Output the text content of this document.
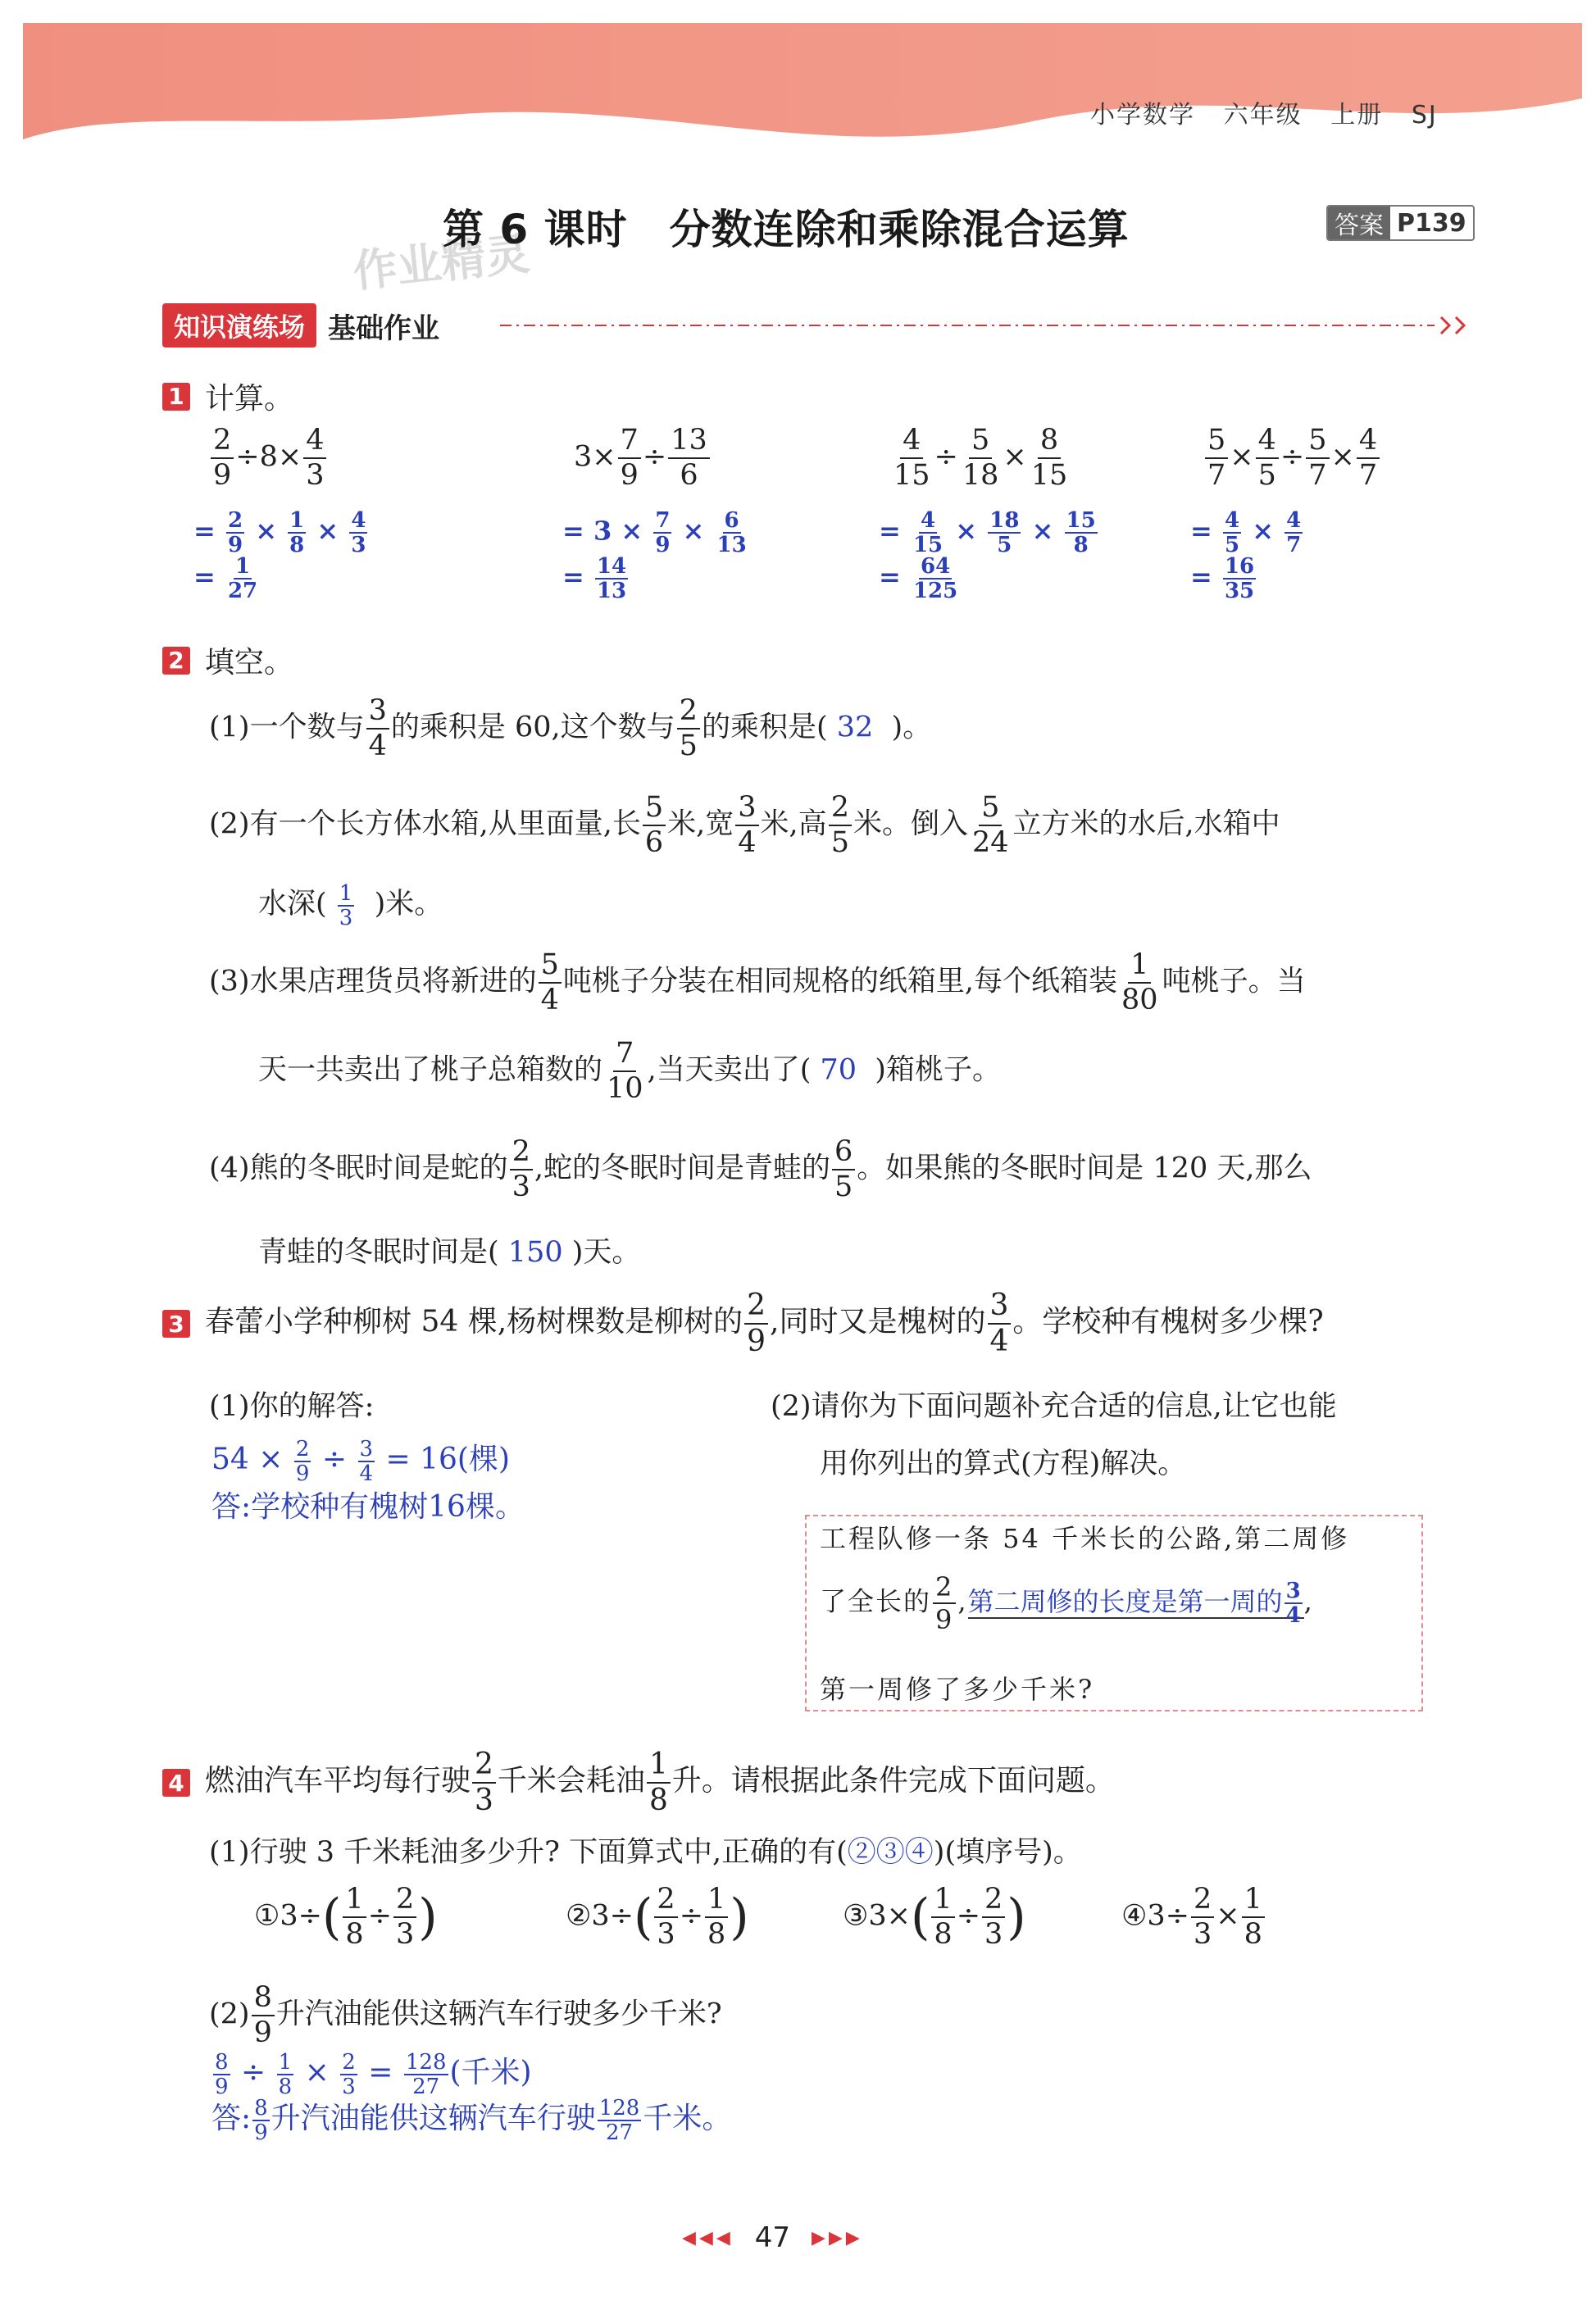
小学数学 六年级 上册 SJ
作业精灵
第 6 课时　分数连除和乘除混合运算	答案 P139
知识演练场 基础作业
1 计算。
$\frac{2}{9} \div 8\times \frac{4}{3}$
= $\frac{2}{9} \times \frac{1}{8} \times \frac{4}{3}$
= $\frac{1}{27}$
$3\times \frac{7}{9} \div \frac{13}{6}$
= $3 \times \frac{7}{9} \times \frac{6}{13}$
= $\frac{14}{13}$
$\frac{4}{15} \div \frac{5}{18} \times \frac{8}{15}$
= $\frac{4}{15} \times \frac{18}{5} \times \frac{15}{8}$
= $\frac{64}{125}$
$\frac{5}{7} \times \frac{4}{5} \div \frac{5}{7} \times \frac{4}{7}$
= $\frac{4}{5} \times \frac{4}{7}$
= $\frac{16}{35}$
2 填空。
(1)一个数与 $\frac{3}{4}$ 的乘积是 60,这个数与 $\frac{2}{5}$ 的乘积是( 32 )。
(2)有一个长方体水箱,从里面量,长 $\frac{5}{6}$ 米,宽 $\frac{3}{4}$ 米,高 $\frac{2}{5}$ 米。倒入 $\frac{5}{24}$ 立方米的水后,水箱中
水深( $\frac{1}{3}$ )米。
(3)水果店理货员将新进的 $\frac{5}{4}$ 吨桃子分装在相同规格的纸箱里,每个纸箱装 $\frac{1}{80}$ 吨桃子。当
天一共卖出了桃子总箱数的 $\frac{7}{10}$ ,当天卖出了( 70 )箱桃子。
(4)熊的冬眠时间是蛇的 $\frac{2}{3}$ ,蛇的冬眠时间是青蛙的 $\frac{6}{5}$ 。如果熊的冬眠时间是 120 天,那么
青蛙的冬眠时间是( 150 )天。
3 春蕾小学种柳树 54 棵,杨树棵数是柳树的 $\frac{2}{9}$ ,同时又是槐树的 $\frac{3}{4}$ 。学校种有槐树多少棵?
(1)你的解答:
$54 \times \frac{2}{9} \div \frac{3}{4} = 16$(棵)
答:学校种有槐树16棵。
(2)请你为下面问题补充合适的信息,让它也能
用你列出的算式(方程)解决。
工程队修一条 54 千米长的公路,第二周修
了全长的 $\frac{2}{9}$ ,第二周修的长度是第一周的 $\frac{3}{4}$ ,
第一周修了多少千米?
4 燃油汽车平均每行驶 $\frac{2}{3}$ 千米会耗油 $\frac{1}{8}$ 升。请根据此条件完成下面问题。
(1)行驶 3 千米耗油多少升? 下面算式中,正确的有(②③④)(填序号)。
①3÷( $\frac{1}{8} \div \frac{2}{3}$ )	②3÷( $\frac{2}{3} \div \frac{1}{8}$ )	③3×( $\frac{1}{8} \div \frac{2}{3}$ )	④3÷ $\frac{2}{3} \times \frac{1}{8}$
$(2) \frac{8}{9}$ 升汽油能供这辆汽车行驶多少千米?
$\frac{8}{9} \div \frac{1}{8} \times \frac{2}{3} = \frac{128}{27}$ (千米)
答: $\frac{8}{9}$ 升汽油能供这辆汽车行驶 $\frac{128}{27}$ 千米。
◀◀◀ 47 ▶▶▶
